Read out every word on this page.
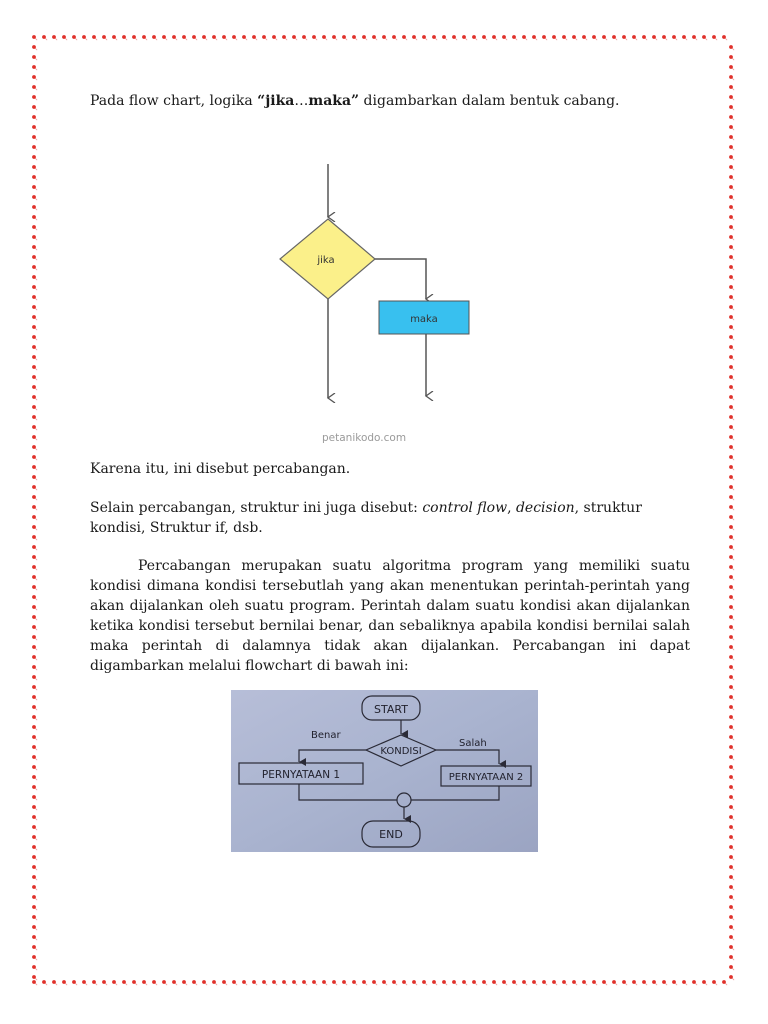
Pada flow chart, logika “jika…maka” digambarkan dalam bentuk cabang.
jika
maka
petanikodo.com
Karena itu, ini disebut percabangan.
Selain percabangan, struktur ini juga disebut: control flow, decision, struktur kondisi, Struktur if, dsb.
Percabangan merupakan suatu algoritma program yang memiliki suatu kondisi dimana kondisi tersebutlah yang akan menentukan perintah-perintah yang akan dijalankan oleh suatu program. Perintah dalam suatu kondisi akan dijalankan ketika kondisi tersebut bernilai benar, dan sebaliknya apabila kondisi bernilai salah maka perintah di dalamnya tidak akan dijalankan. Percabangan ini dapat digambarkan melalui flowchart di bawah ini:
START
KONDISI
Benar
Salah
PERNYATAAN 1	PERNYATAAN 2
END
